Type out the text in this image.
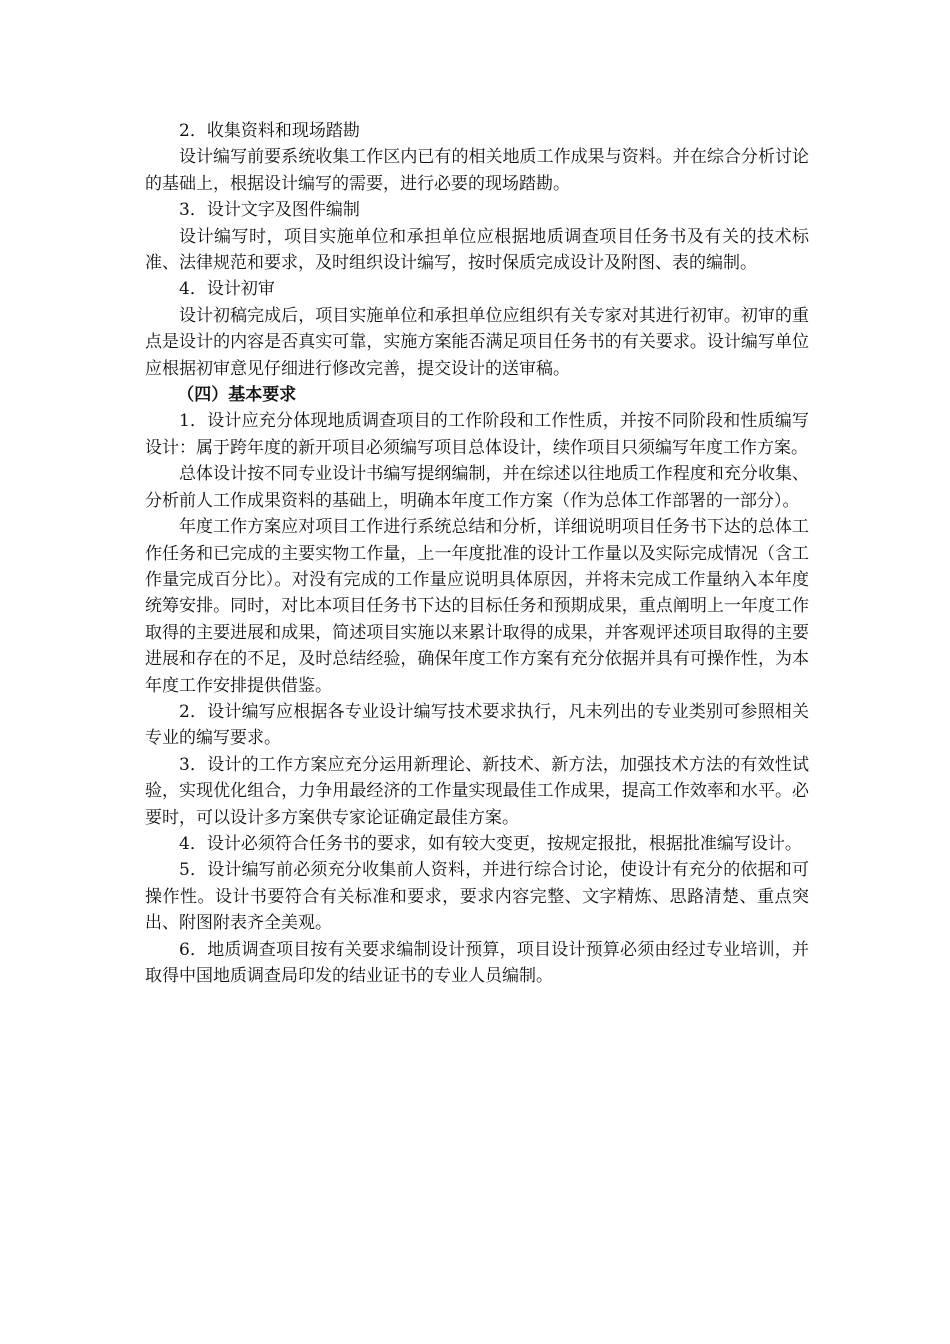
2．收集资料和现场踏勘

设计编写前要系统收集工作区内已有的相关地质工作成果与资料。并在综合分析讨论的基础上，根据设计编写的需要，进行必要的现场踏勘。

3．设计文字及图件编制

设计编写时，项目实施单位和承担单位应根据地质调查项目任务书及有关的技术标准、法律规范和要求，及时组织设计编写，按时保质完成设计及附图、表的编制。

4．设计初审

设计初稿完成后，项目实施单位和承担单位应组织有关专家对其进行初审。初审的重点是设计的内容是否真实可靠，实施方案能否满足项目任务书的有关要求。设计编写单位应根据初审意见仔细进行修改完善，提交设计的送审稿。

（四）基本要求

1．设计应充分体现地质调查项目的工作阶段和工作性质，并按不同阶段和性质编写设计：属于跨年度的新开项目必须编写项目总体设计，续作项目只须编写年度工作方案。

总体设计按不同专业设计书编写提纲编制，并在综述以往地质工作程度和充分收集、分析前人工作成果资料的基础上，明确本年度工作方案（作为总体工作部署的一部分）。

年度工作方案应对项目工作进行系统总结和分析，详细说明项目任务书下达的总体工作任务和已完成的主要实物工作量，上一年度批准的设计工作量以及实际完成情况（含工作量完成百分比）。对没有完成的工作量应说明具体原因，并将未完成工作量纳入本年度统筹安排。同时，对比本项目任务书下达的目标任务和预期成果，重点阐明上一年度工作取得的主要进展和成果，简述项目实施以来累计取得的成果，并客观评述项目取得的主要进展和存在的不足，及时总结经验，确保年度工作方案有充分依据并具有可操作性，为本年度工作安排提供借鉴。

2．设计编写应根据各专业设计编写技术要求执行，凡未列出的专业类别可参照相关专业的编写要求。

3．设计的工作方案应充分运用新理论、新技术、新方法，加强技术方法的有效性试验，实现优化组合，力争用最经济的工作量实现最佳工作成果，提高工作效率和水平。必要时，可以设计多方案供专家论证确定最佳方案。

4．设计必须符合任务书的要求，如有较大变更，按规定报批，根据批准编写设计。

5．设计编写前必须充分收集前人资料，并进行综合讨论，使设计有充分的依据和可操作性。设计书要符合有关标准和要求，要求内容完整、文字精炼、思路清楚、重点突出、附图附表齐全美观。

6．地质调查项目按有关要求编制设计预算，项目设计预算必须由经过专业培训，并取得中国地质调查局印发的结业证书的专业人员编制。
